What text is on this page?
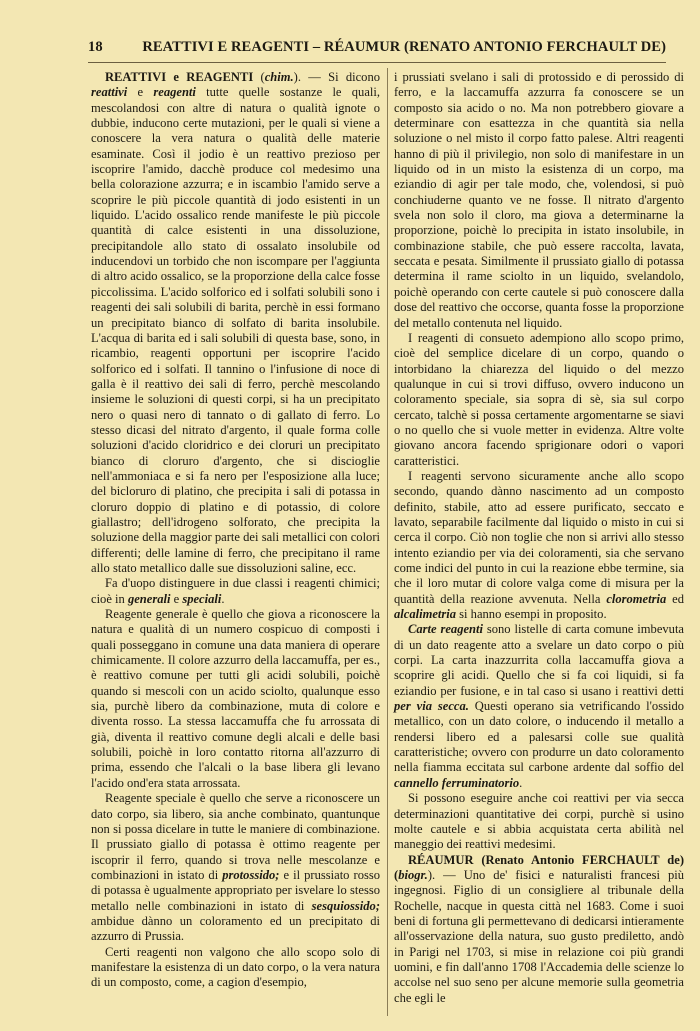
18	REATTIVI E REAGENTI – RÉAUMUR (RENATO ANTONIO FERCHAULT DE)

REATTIVI e REAGENTI (chim.). — Si dicono reattivi e reagenti tutte quelle sostanze le quali, mescolandosi con altre di natura o qualità ignote o dubbie, inducono certe mutazioni, per le quali si viene a conoscere la vera natura o qualità delle materie esaminate. Così il jodio è un reattivo prezioso per iscoprire l'amido, dacchè produce col medesimo una bella colorazione azzurra; e in iscambio l'amido serve a scoprire le più piccole quantità di jodo esistenti in un liquido. L'acido ossalico rende manifeste le più piccole quantità di calce esistenti in una dissoluzione, precipitandole allo stato di ossalato insolubile od inducendovi un torbido che non iscompare per l'aggiunta di altro acido ossalico, se la proporzione della calce fosse piccolissima. L'acido solforico ed i solfati solubili sono i reagenti dei sali solubili di barita, perchè in essi formano un precipitato bianco di solfato di barita insolubile. L'acqua di barita ed i sali solubili di questa base, sono, in ricambio, reagenti opportuni per iscoprire l'acido solforico ed i solfati. Il tannino o l'infusione di noce di galla è il reattivo dei sali di ferro, perchè mescolando insieme le soluzioni di questi corpi, si ha un precipitato nero o quasi nero di tannato o di gallato di ferro. Lo stesso dicasi del nitrato d'argento, il quale forma colle soluzioni d'acido cloridrico e dei cloruri un precipitato bianco di cloruro d'argento, che si discioglie nell'ammoniaca e si fa nero per l'esposizione alla luce; del bicloruro di platino, che precipita i sali di potassa in cloruro doppio di platino e di potassio, di colore giallastro; dell'idrogeno solforato, che precipita la soluzione della maggior parte dei sali metallici con colori differenti; delle lamine di ferro, che precipitano il rame allo stato metallico dalle sue dissoluzioni saline, ecc.

Fa d'uopo distinguere in due classi i reagenti chimici; cioè in generali e speciali.

Reagente generale è quello che giova a riconoscere la natura e qualità di un numero cospicuo di composti i quali posseggano in comune una data maniera di operare chimicamente. Il colore azzurro della laccamuffa, per es., è reattivo comune per tutti gli acidi solubili, poichè quando si mescoli con un acido sciolto, qualunque esso sia, purchè libero da combinazione, muta di colore e diventa rosso. La stessa laccamuffa che fu arrossata di già, diventa il reattivo comune degli alcali e delle basi solubili, poichè in loro contatto ritorna all'azzurro di prima, essendo che l'alcali o la base libera gli levano l'acido ond'era stata arrossata.

Reagente speciale è quello che serve a riconoscere un dato corpo, sia libero, sia anche combinato, quantunque non si possa dicelare in tutte le maniere di combinazione. Il prussiato giallo di potassa è ottimo reagente per iscoprir il ferro, quando si trova nelle mescolanze e combinazioni in istato di protossido; e il prussiato rosso di potassa è ugualmente appropriato per isvelare lo stesso metallo nelle combinazioni in istato di sesquiossido; ambidue dànno un coloramento ed un precipitato di azzurro di Prussia.

Certi reagenti non valgono che allo scopo solo di manifestare la esistenza di un dato corpo, o la vera natura di un composto, come, a cagion d'esempio,

i prussiati svelano i sali di protossido e di perossido di ferro, e la laccamuffa azzurra fa conoscere se un composto sia acido o no. Ma non potrebbero giovare a determinare con esattezza in che quantità sia nella soluzione o nel misto il corpo fatto palese. Altri reagenti hanno di più il privilegio, non solo di manifestare in un liquido od in un misto la esistenza di un corpo, ma eziandio di agir per tale modo, che, volendosi, si può conchiuderne quanto ve ne fosse. Il nitrato d'argento svela non solo il cloro, ma giova a determinarne la proporzione, poichè lo precipita in istato insolubile, in combinazione stabile, che può essere raccolta, lavata, seccata e pesata. Similmente il prussiato giallo di potassa determina il rame sciolto in un liquido, svelandolo, poichè operando con certe cautele si può conoscere dalla dose del reattivo che occorse, quanta fosse la proporzione del metallo contenuta nel liquido.

I reagenti di consueto adempiono allo scopo primo, cioè del semplice dicelare di un corpo, quando o intorbidano la chiarezza del liquido o del mezzo qualunque in cui si trovi diffuso, ovvero inducono un coloramento speciale, sia sopra di sè, sia sul corpo cercato, talchè si possa certamente argomentarne se siavi o no quello che si vuole metter in evidenza. Altre volte giovano ancora facendo sprigionare odori o vapori caratteristici.

I reagenti servono sicuramente anche allo scopo secondo, quando dànno nascimento ad un composto definito, stabile, atto ad essere purificato, seccato e lavato, separabile facilmente dal liquido o misto in cui si cerca il corpo. Ciò non toglie che non si arrivi allo stesso intento eziandio per via dei coloramenti, sia che servano come indici del punto in cui la reazione ebbe termine, sia che il loro mutar di colore valga come di misura per la quantità della reazione avvenuta. Nella clorometria ed alcalimetria si hanno esempi in proposito.

Carte reagenti sono listelle di carta comune imbevuta di un dato reagente atto a svelare un dato corpo o più corpi. La carta inazzurrita colla laccamuffa giova a scoprire gli acidi. Quello che si fa coi liquidi, si fa eziandio per fusione, e in tal caso si usano i reattivi detti per via secca. Questi operano sia vetrificando l'ossido metallico, con un dato colore, o inducendo il metallo a rendersi libero ed a palesarsi colle sue qualità caratteristiche; ovvero con produrre un dato coloramento nella fiamma eccitata sul carbone ardente dal soffio del cannello ferruminatorio.

Si possono eseguire anche coi reattivi per via secca determinazioni quantitative dei corpi, purchè si usino molte cautele e si abbia acquistata certa abilità nel maneggio dei reattivi medesimi.

RÉAUMUR (Renato Antonio FERCHAULT de) (biogr.). — Uno de' fisici e naturalisti francesi più ingegnosi. Figlio di un consigliere al tribunale della Rochelle, nacque in questa città nel 1683. Come i suoi beni di fortuna gli permettevano di dedicarsi intieramente all'osservazione della natura, suo gusto prediletto, andò in Parigi nel 1703, si mise in relazione coi più grandi uomini, e fin dall'anno 1708 l'Accademia delle scienze lo accolse nel suo seno per alcune memorie sulla geometria che egli le
